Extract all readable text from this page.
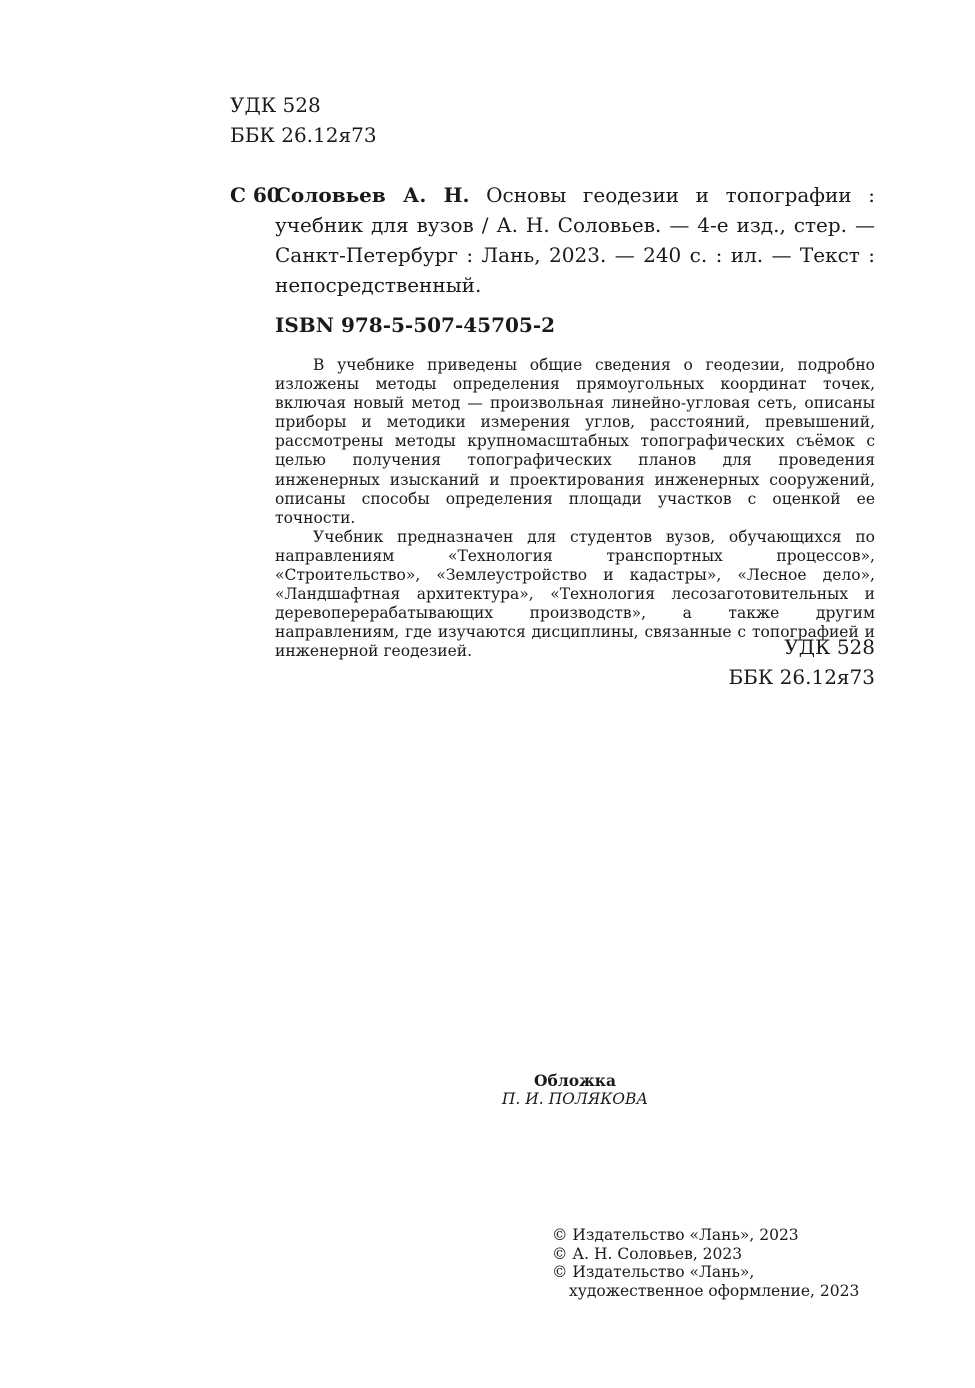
УДК 528
ББК 26.12я73
С 60
Соловьев А. Н. Основы геодезии и топографии : учебник для вузов / А. Н. Соловьев. — 4-е изд., стер. — Санкт-Петербург : Лань, 2023. — 240 с. : ил. — Текст : непосредственный.
ISBN 978-5-507-45705-2

В учебнике приведены общие сведения о геодезии, подробно изложены методы определения прямоугольных координат точек, включая новый метод — произвольная линейно-угловая сеть, описаны приборы и методики измерения углов, расстояний, превышений, рассмотрены методы крупномасштабных топографических съёмок с целью получения топографических планов для проведения инженерных изысканий и проектирования инженерных сооружений, описаны способы определения площади участков с оценкой ее точности.

Учебник предназначен для студентов вузов, обучающихся по направлениям «Технология транспортных процессов», «Строительство», «Землеустройство и кадастры», «Лесное дело», «Ландшафтная архитектура», «Технология лесозаготовительных и деревоперерабатывающих производств», а также другим направлениям, где изучаются дисциплины, связанные с топографией и инженерной геодезией.	УДК 528
ББК 26.12я73
Обложка
П. И. ПОЛЯКОВА
© Издательство «Лань», 2023
© А. Н. Соловьев, 2023
© Издательство «Лань»,
художественное оформление, 2023
